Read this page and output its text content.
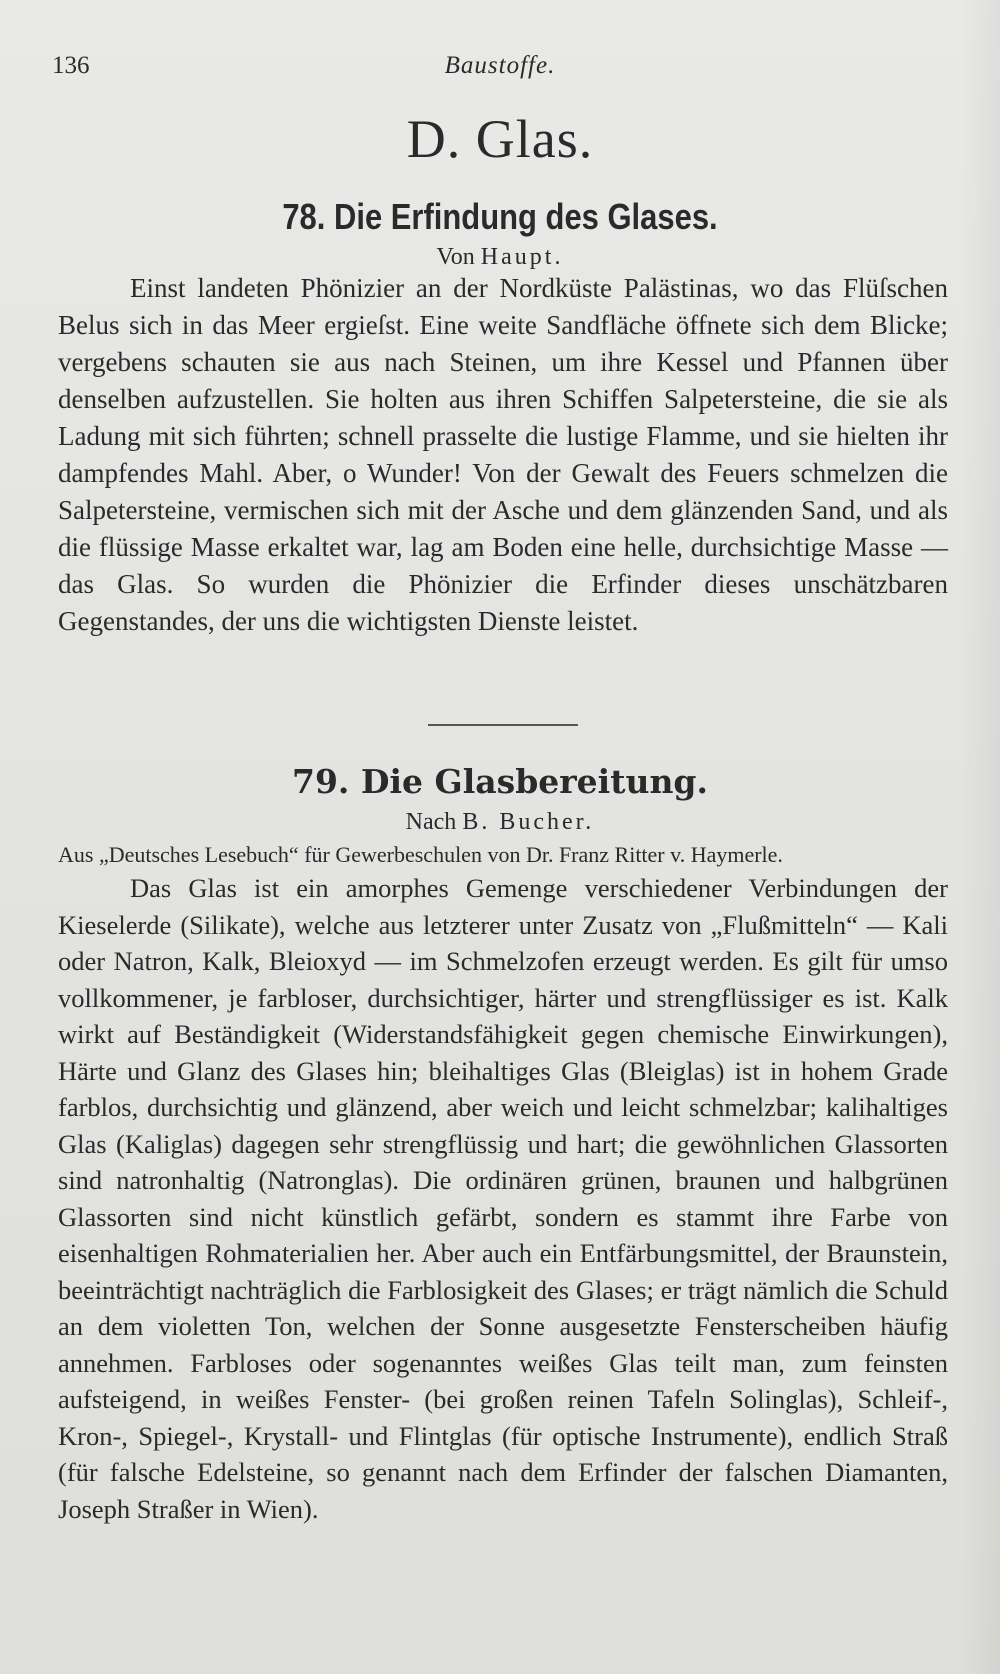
136	Baustoffe.
D. Glas.
78. Die Erfindung des Glases.
Von Haupt.

Einst landeten Phönizier an der Nordküste Palästinas, wo das Flüſschen Belus sich in das Meer ergieſst. Eine weite Sandfläche öffnete sich dem Blicke; vergebens schauten sie aus nach Steinen, um ihre Kessel und Pfannen über denselben aufzustellen. Sie holten aus ihren Schiffen Salpetersteine, die sie als Ladung mit sich führten; schnell prasselte die lustige Flamme, und sie hielten ihr dampfendes Mahl. Aber, o Wunder! Von der Gewalt des Feuers schmelzen die Salpetersteine, vermischen sich mit der Asche und dem glänzenden Sand, und als die flüssige Masse erkaltet war, lag am Boden eine helle, durchsichtige Masse — das Glas. So wurden die Phönizier die Erfinder dieses unschätzbaren Gegenstandes, der uns die wichtigsten Dienste leistet.

79. Die Glasbereitung.
Nach B. Bucher.
Aus „Deutsches Lesebuch“ für Gewerbeschulen von Dr. Franz Ritter v. Haymerle.

Das Glas ist ein amorphes Gemenge verschiedener Verbindungen der Kieselerde (Silikate), welche aus letzterer unter Zusatz von „Flußmitteln“ — Kali oder Natron, Kalk, Bleioxyd — im Schmelzofen erzeugt werden. Es gilt für umso vollkommener, je farbloser, durchsichtiger, härter und strengflüssiger es ist. Kalk wirkt auf Beständigkeit (Widerstandsfähigkeit gegen chemische Einwirkungen), Härte und Glanz des Glases hin; bleihaltiges Glas (Bleiglas) ist in hohem Grade farblos, durchsichtig und glänzend, aber weich und leicht schmelzbar; kalihaltiges Glas (Kaliglas) dagegen sehr strengflüssig und hart; die gewöhnlichen Glassorten sind natronhaltig (Natronglas). Die ordinären grünen, braunen und halbgrünen Glassorten sind nicht künstlich gefärbt, sondern es stammt ihre Farbe von eisenhaltigen Rohmaterialien her. Aber auch ein Entfärbungsmittel, der Braunstein, beeinträchtigt nachträglich die Farblosigkeit des Glases; er trägt nämlich die Schuld an dem violetten Ton, welchen der Sonne ausgesetzte Fensterscheiben häufig annehmen. Farbloses oder sogenanntes weißes Glas teilt man, zum feinsten aufsteigend, in weißes Fenster- (bei großen reinen Tafeln Solinglas), Schleif-, Kron-, Spiegel-, Krystall- und Flintglas (für optische Instrumente), endlich Straß (für falsche Edelsteine, so genannt nach dem Erfinder der falschen Diamanten, Joseph Straßer in Wien).
